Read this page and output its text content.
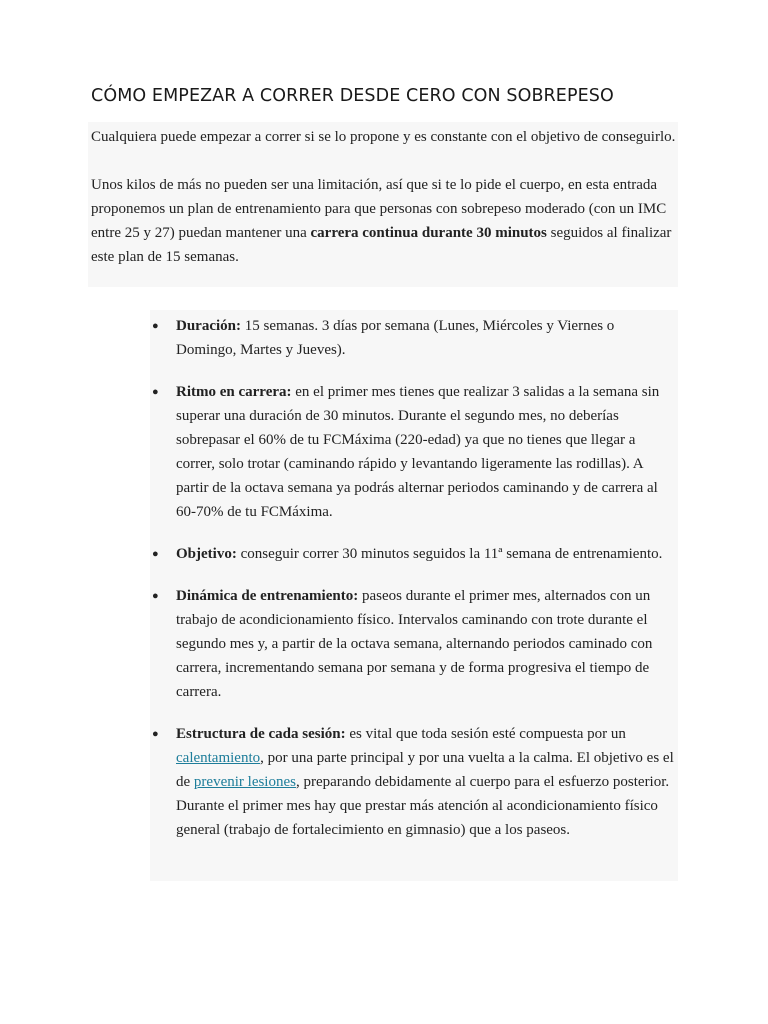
CÓMO EMPEZAR A CORRER DESDE CERO CON SOBREPESO

Cualquiera puede empezar a correr si se lo propone y es constante con el objetivo de conseguirlo.

Unos kilos de más no pueden ser una limitación, así que si te lo pide el cuerpo, en esta entrada proponemos un plan de entrenamiento para que personas con sobrepeso moderado (con un IMC entre 25 y 27) puedan mantener una carrera continua durante 30 minutos seguidos al finalizar este plan de 15 semanas.

● Duración: 15 semanas. 3 días por semana (Lunes, Miércoles y Viernes o Domingo, Martes y Jueves).
● Ritmo en carrera: en el primer mes tienes que realizar 3 salidas a la semana sin superar una duración de 30 minutos. Durante el segundo mes, no deberías sobrepasar el 60% de tu FCMáxima (220-edad) ya que no tienes que llegar a correr, solo trotar (caminando rápido y levantando ligeramente las rodillas). A partir de la octava semana ya podrás alternar periodos caminando y de carrera al 60-70% de tu FCMáxima.
● Objetivo: conseguir correr 30 minutos seguidos la 11ª semana de entrenamiento.
● Dinámica de entrenamiento: paseos durante el primer mes, alternados con un trabajo de acondicionamiento físico. Intervalos caminando con trote durante el segundo mes y, a partir de la octava semana, alternando periodos caminado con carrera, incrementando semana por semana y de forma progresiva el tiempo de carrera.
● Estructura de cada sesión: es vital que toda sesión esté compuesta por un calentamiento, por una parte principal y por una vuelta a la calma. El objetivo es el de prevenir lesiones, preparando debidamente al cuerpo para el esfuerzo posterior. Durante el primer mes hay que prestar más atención al acondicionamiento físico general (trabajo de fortalecimiento en gimnasio) que a los paseos.
